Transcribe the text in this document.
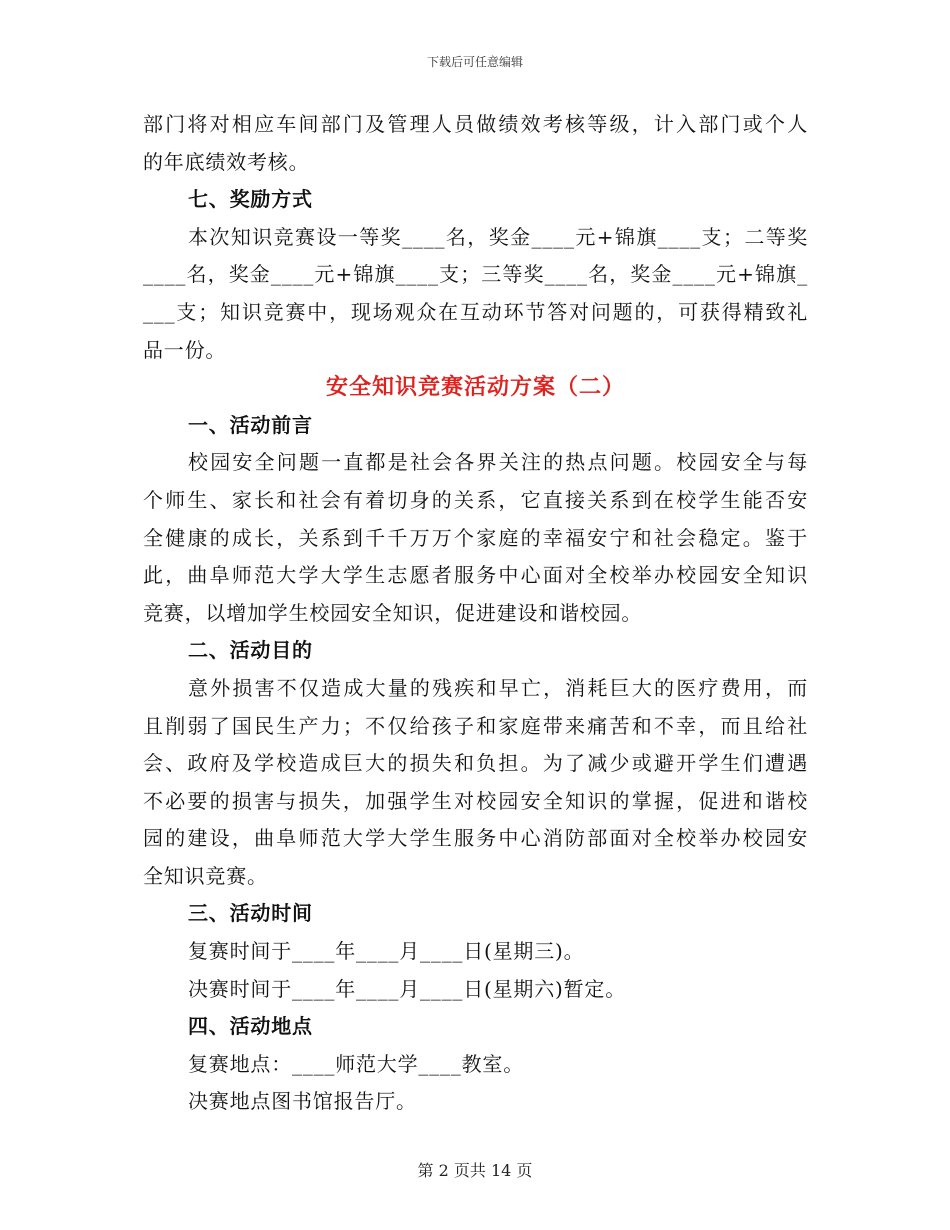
下载后可任意编辑
部门将对相应车间部门及管理人员做绩效考核等级，计入部门或个人
的年底绩效考核。
七、奖励方式
本次知识竞赛设一等奖____名，奖金____元+锦旗____支；二等奖
____名，奖金____元+锦旗____支；三等奖____名，奖金____元+锦旗_
___支；知识竞赛中，现场观众在互动环节答对问题的，可获得精致礼
品一份。
安全知识竞赛活动方案（二）
一、活动前言
校园安全问题一直都是社会各界关注的热点问题。校园安全与每
个师生、家长和社会有着切身的关系，它直接关系到在校学生能否安
全健康的成长，关系到千千万万个家庭的幸福安宁和社会稳定。鉴于
此，曲阜师范大学大学生志愿者服务中心面对全校举办校园安全知识
竞赛，以增加学生校园安全知识，促进建设和谐校园。
二、活动目的
意外损害不仅造成大量的残疾和早亡，消耗巨大的医疗费用，而
且削弱了国民生产力；不仅给孩子和家庭带来痛苦和不幸，而且给社
会、政府及学校造成巨大的损失和负担。为了减少或避开学生们遭遇
不必要的损害与损失，加强学生对校园安全知识的掌握，促进和谐校
园的建设，曲阜师范大学大学生服务中心消防部面对全校举办校园安
全知识竞赛。
三、活动时间
复赛时间于____年____月____日(星期三)。
决赛时间于____年____月____日(星期六)暂定。
四、活动地点
复赛地点：____师范大学____教室。
决赛地点图书馆报告厅。
第 2 页共 14 页
